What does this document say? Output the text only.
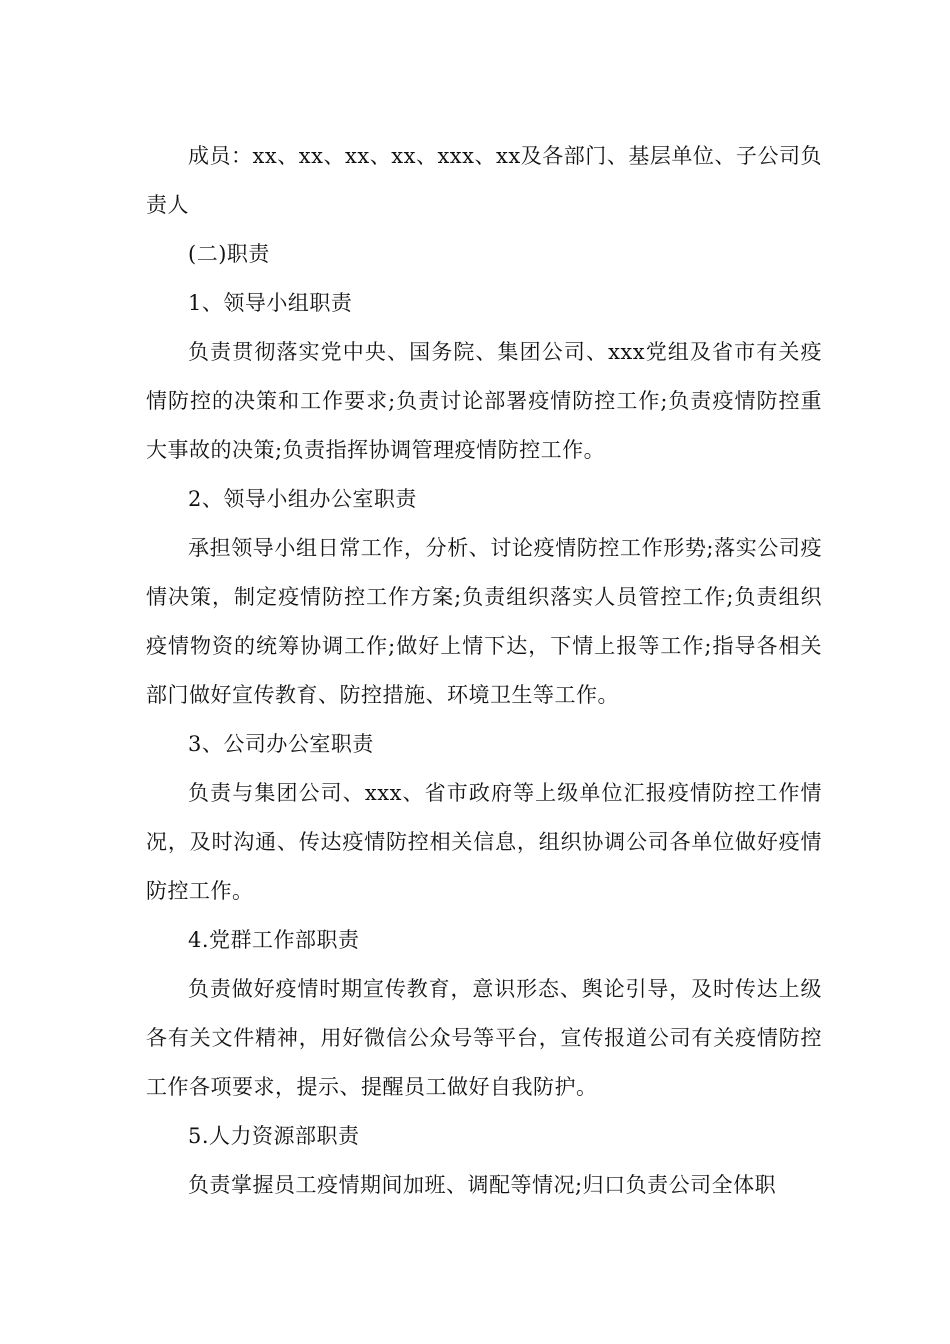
成员：xx、xx、xx、xx、xxx、xx及各部门、基层单位、子公司负责人

(二)职责

1、领导小组职责

负责贯彻落实党中央、国务院、集团公司、xxx党组及省市有关疫情防控的决策和工作要求;负责讨论部署疫情防控工作;负责疫情防控重大事故的决策;负责指挥协调管理疫情防控工作。

2、领导小组办公室职责

承担领导小组日常工作，分析、讨论疫情防控工作形势;落实公司疫情决策，制定疫情防控工作方案;负责组织落实人员管控工作;负责组织疫情物资的统筹协调工作;做好上情下达，下情上报等工作;指导各相关部门做好宣传教育、防控措施、环境卫生等工作。

3、公司办公室职责

负责与集团公司、xxx、省市政府等上级单位汇报疫情防控工作情况，及时沟通、传达疫情防控相关信息，组织协调公司各单位做好疫情防控工作。

4.党群工作部职责

负责做好疫情时期宣传教育，意识形态、舆论引导，及时传达上级各有关文件精神，用好微信公众号等平台，宣传报道公司有关疫情防控工作各项要求，提示、提醒员工做好自我防护。

5.人力资源部职责

负责掌握员工疫情期间加班、调配等情况;归口负责公司全体职
